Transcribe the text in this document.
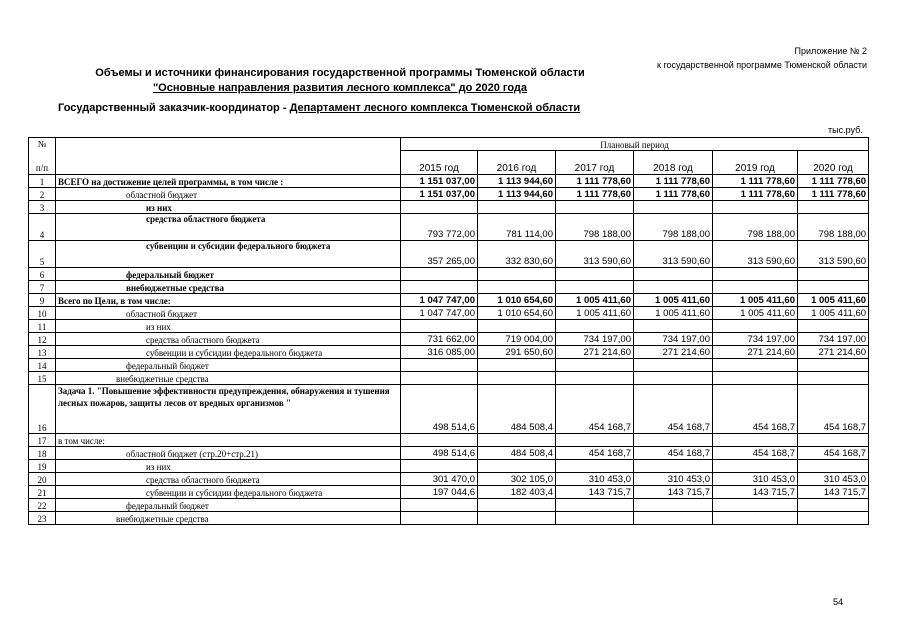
Приложение № 2
к государственной программе Тюменской области
Объемы и источники финансирования государственной программы Тюменской области
"Основные направления развития лесного комплекса" до 2020 года
Государственный заказчик-координатор - Департамент лесного комплекса Тюменской области
тыс.руб.
№

п/п		Плановый период					
		2015 год	2016 год	2017 год	2018 год	2019 год	2020 год
1	ВСЕГО на достижение целей программы, в том числе :	1 151 037,00	1 113 944,60	1 111 778,60	1 111 778,60	1 111 778,60	1 111 778,60
2	областной бюджет	1 151 037,00	1 113 944,60	1 111 778,60	1 111 778,60	1 111 778,60	1 111 778,60
3	из них						
4	средства областного бюджета	793 772,00	781 114,00	798 188,00	798 188,00	798 188,00	798 188,00
5	субвенции и субсидии федерального бюджета	357 265,00	332 830,60	313 590,60	313 590,60	313 590,60	313 590,60
6	федеральный бюджет						
7	внебюджетные средства						
9	Всего по Цели, в том числе:	1 047 747,00	1 010 654,60	1 005 411,60	1 005 411,60	1 005 411,60	1 005 411,60
10	областной бюджет	1 047 747,00	1 010 654,60	1 005 411,60	1 005 411,60	1 005 411,60	1 005 411,60
11	из них						
12	средства областного бюджета	731 662,00	719 004,00	734 197,00	734 197,00	734 197,00	734 197,00
13	субвенции и субсидии федерального бюджета	316 085,00	291 650,60	271 214,60	271 214,60	271 214,60	271 214,60
14	федеральный бюджет						
15	внебюджетные средства						
16	Задача 1. "Повышение эффективности предупреждения, обнаружения и тушения лесных пожаров, защиты лесов от вредных организмов "	498 514,6	484 508,4	454 168,7	454 168,7	454 168,7	454 168,7
17	в том числе:						
18	областной бюджет (стр.20+стр.21)	498 514,6	484 508,4	454 168,7	454 168,7	454 168,7	454 168,7
19	из них						
20	средства областного бюджета	301 470,0	302 105,0	310 453,0	310 453,0	310 453,0	310 453,0
21	субвенции и субсидии федерального бюджета	197 044,6	182 403,4	143 715,7	143 715,7	143 715,7	143 715,7
22	федеральный бюджет						
23	внебюджетные средства						
54
